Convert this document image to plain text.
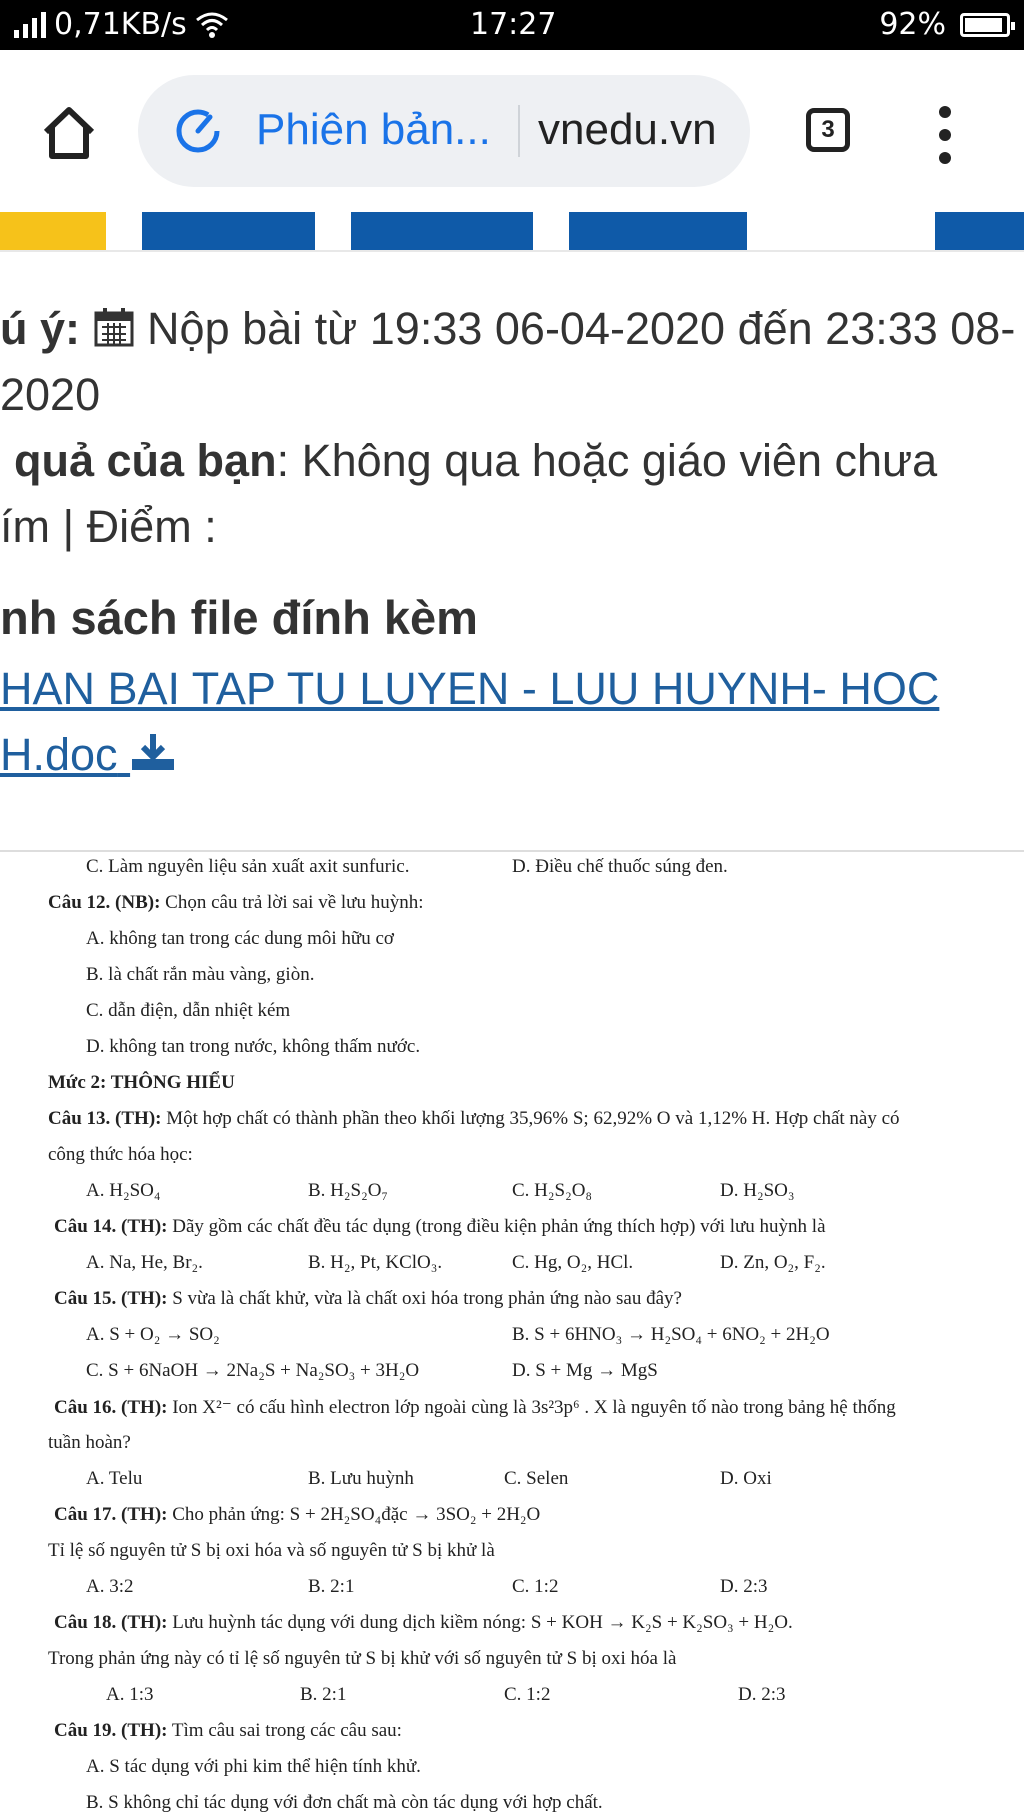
0,71KB/s	17:27	92%
Phiên bản... vnedu.vn	3
ú ý: Nộp bài từ 19:33 06-04-2020 đến 23:33 08-
2020
quả của bạn: Không qua hoặc giáo viên chưa
ím | Điểm :
nh sách file đính kèm
HAN BAI TAP TU LUYEN - LUU HUYNH- HOC
H.doc
C. Làm nguyên liệu sản xuất axit sunfuric.	D. Điều chế thuốc súng đen.
Câu 12. (NB): Chọn câu trả lời sai về lưu huỳnh:
A. không tan trong các dung môi hữu cơ
B. là chất rắn màu vàng, giòn.
C. dẫn điện, dẫn nhiệt kém
D. không tan trong nước, không thấm nước.
Mức 2: THÔNG HIỂU
Câu 13. (TH): Một hợp chất có thành phần theo khối lượng 35,96% S; 62,92% O và 1,12% H. Hợp chất này có
công thức hóa học:
A. H₂SO₄	B. H₂S₂O₇	C. H₂S₂O₈	D. H₂SO₃
Câu 14. (TH): Dãy gồm các chất đều tác dụng (trong điều kiện phản ứng thích hợp) với lưu huỳnh là
A. Na, He, Br₂.	B. H₂, Pt, KClO₃.	C. Hg, O₂, HCl.	D. Zn, O₂, F₂.
Câu 15. (TH): S vừa là chất khử, vừa là chất oxi hóa trong phản ứng nào sau đây?
A. S + O₂ → SO₂	B. S + 6HNO₃ → H₂SO₄ + 6NO₂ + 2H₂O
C. S + 6NaOH → 2Na₂S + Na₂SO₃ + 3H₂O	D. S + Mg → MgS
Câu 16. (TH): Ion X²⁻ có cấu hình electron lớp ngoài cùng là 3s²3p⁶ . X là nguyên tố nào trong bảng hệ thống
tuần hoàn?
A. Telu	B. Lưu huỳnh	C. Selen	D. Oxi
Câu 17. (TH): Cho phản ứng: S + 2H₂SO₄đặc → 3SO₂ + 2H₂O
Tỉ lệ số nguyên tử S bị oxi hóa và số nguyên tử S bị khử là
A. 3:2	B. 2:1	C. 1:2	D. 2:3
Câu 18. (TH): Lưu huỳnh tác dụng với dung dịch kiềm nóng: S + KOH → K₂S + K₂SO₃ + H₂O.
Trong phản ứng này có tỉ lệ số nguyên tử S bị khử với số nguyên tử S bị oxi hóa là
A. 1:3	B. 2:1	C. 1:2	D. 2:3
Câu 19. (TH): Tìm câu sai trong các câu sau:
A. S tác dụng với phi kim thể hiện tính khử.
B. S không chỉ tác dụng với đơn chất mà còn tác dụng với hợp chất.
